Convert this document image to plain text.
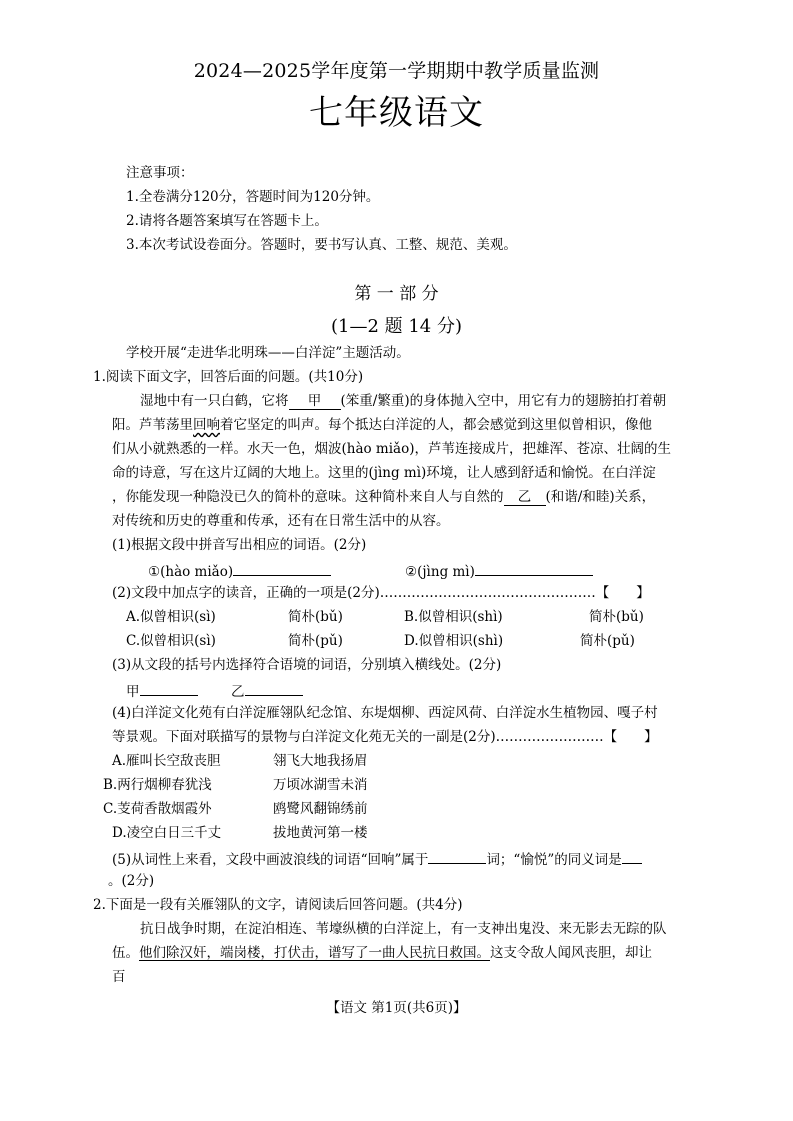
2024—2025学年度第一学期期中教学质量监测
七年级语文
注意事项：
1.全卷满分120分，答题时间为120分钟。
2.请将各题答案填写在答题卡上。
3.本次考试设卷面分。答题时，要书写认真、工整、规范、美观。
第 一 部 分
(1—2 题 14 分)
学校开展“走进华北明珠——白洋淀”主题活动。
1.阅读下面文字，回答后面的问题。(共10分)
湿地中有一只白鹤，它将 甲 (笨重/繁重)的身体抛入空中，用它有力的翅膀拍打着朝
阳。芦苇荡里回响着它坚定的叫声。每个抵达白洋淀的人，都会感觉到这里似曾相识，像他
们从小就熟悉的一样。水天一色，烟波(hào miǎo)，芦苇连接成片，把雄浑、苍凉、壮阔的生
命的诗意，写在这片辽阔的大地上。这里的(jìng mì)环境，让人感到舒适和愉悦。在白洋淀
，你能发现一种隐没已久的简朴的意味。这种简朴来自人与自然的 乙 (和谐/和睦)关系，
对传统和历史的尊重和传承，还有在日常生活中的从容。
(1)根据文段中拼音写出相应的词语。(2分)
①(hào miǎo)	②(jìng mì)
(2)文段中加点字的读音，正确的一项是(2分)…………………………………………【　　】
A.似曾相识(sì)	简朴(bǔ)	B.似曾相识(shì)	简朴(bǔ)
C.似曾相识(sì)	简朴(pǔ)	D.似曾相识(shì)	简朴(pǔ)
(3)从文段的括号内选择符合语境的词语，分别填入横线处。(2分)
甲	乙
(4)白洋淀文化苑有白洋淀雁翎队纪念馆、东堤烟柳、西淀风荷、白洋淀水生植物园、嘎子村
等景观。下面对联描写的景物与白洋淀文化苑无关的一副是(2分)……………………【　　】
A.雁叫长空敌丧胆	翎飞大地我扬眉
B.两行烟柳春犹浅	万顷冰湖雪未消
C.芰荷香散烟霞外	鸥鹭风翻锦绣前
D.凌空白日三千丈	拔地黄河第一楼
(5)从词性上来看，文段中画波浪线的词语“回响”属于	词；“愉悦”的同义词是
。(2分)
2.下面是一段有关雁翎队的文字，请阅读后回答问题。(共4分)
抗日战争时期，在淀泊相连、苇壕纵横的白洋淀上，有一支神出鬼没、来无影去无踪的队
伍。他们除汉奸，端岗楼，打伏击，谱写了一曲人民抗日救国。这支令敌人闻风丧胆，却让
百
【语文 第1页(共6页)】
